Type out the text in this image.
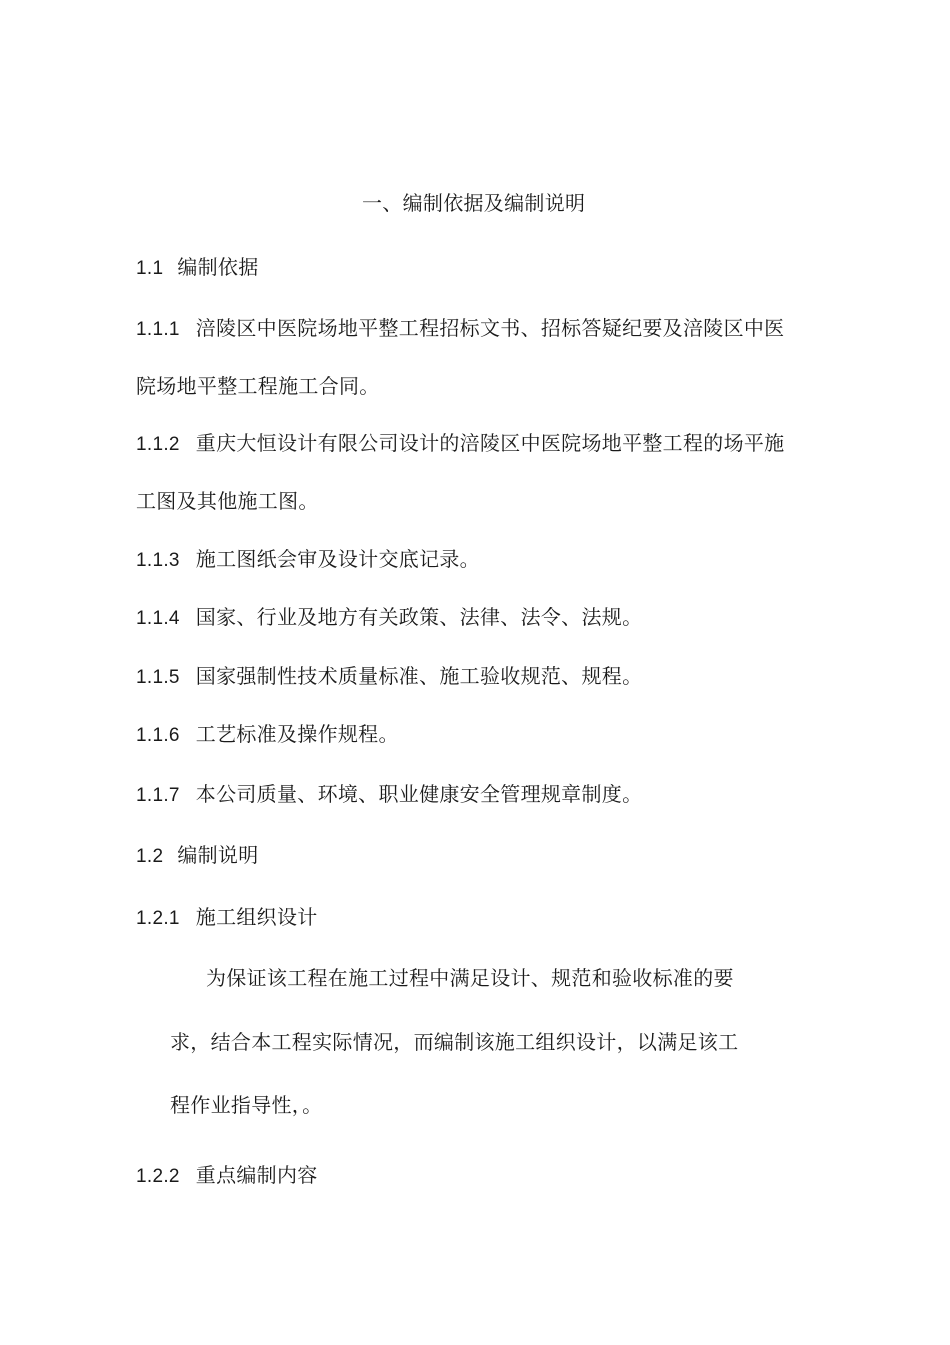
一、编制依据及编制说明
1.1 编制依据
1.1.1 涪陵区中医院场地平整工程招标文书、招标答疑纪要及涪陵区中医
院场地平整工程施工合同。
1.1.2 重庆大恒设计有限公司设计的涪陵区中医院场地平整工程的场平施
工图及其他施工图。
1.1.3 施工图纸会审及设计交底记录。
1.1.4 国家、行业及地方有关政策、法律、法令、法规。
1.1.5 国家强制性技术质量标准、施工验收规范、规程。
1.1.6 工艺标准及操作规程。
1.1.7 本公司质量、环境、职业健康安全管理规章制度。
1.2 编制说明
1.2.1 施工组织设计
为保证该工程在施工过程中满足设计、规范和验收标准的要
求，结合本工程实际情况，而编制该施工组织设计，以满足该工
程作业指导性，。
1.2.2 重点编制内容
